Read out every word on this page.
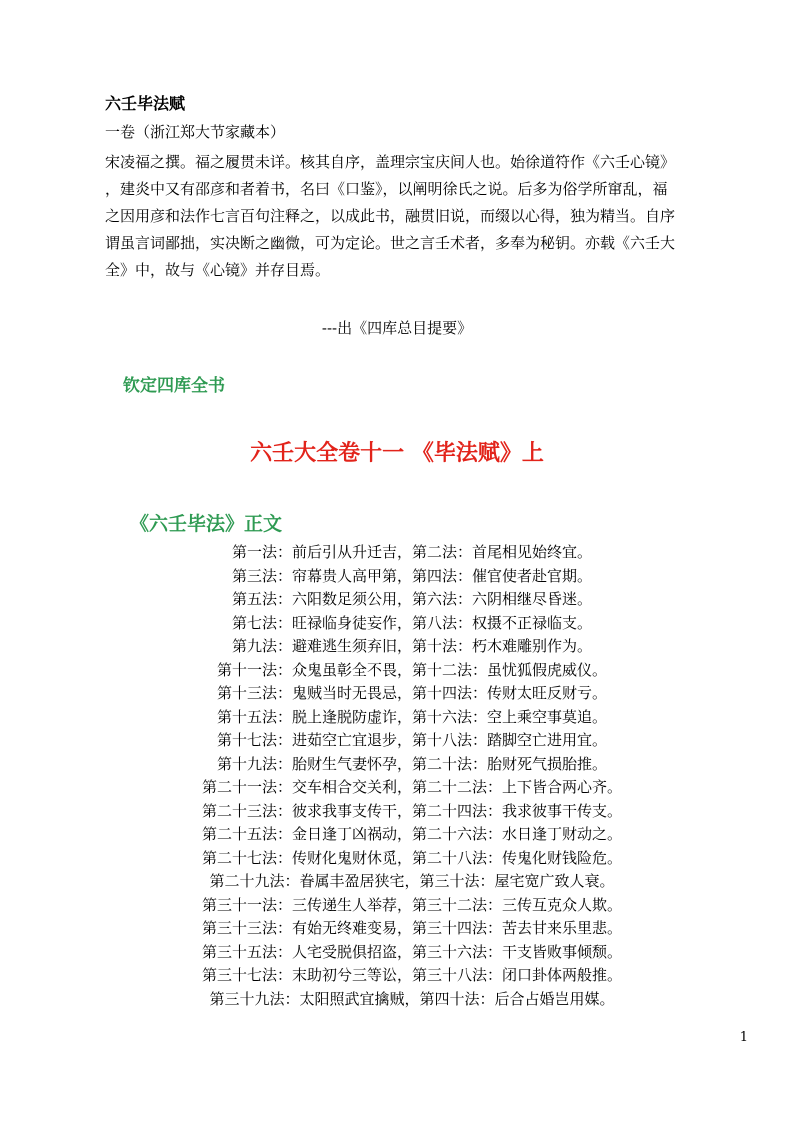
六壬毕法赋
一卷（浙江郑大节家藏本）
宋凌福之撰。福之履贯未详。核其自序，盖理宗宝庆间人也。始徐道符作《六壬心镜》
，建炎中又有邵彦和者着书，名曰《口鉴》，以阐明徐氏之说。后多为俗学所窜乱，福
之因用彦和法作七言百句注释之，以成此书，融贯旧说，而缀以心得，独为精当。自序
谓虽言词鄙拙，实决断之幽微，可为定论。世之言壬术者，多奉为秘钥。亦载《六壬大
全》中，故与《心镜》并存目焉。
---出《四库总目提要》
钦定四库全书
六壬大全卷十一 《毕法赋》上
《六壬毕法》正文
第一法：前后引从升迁吉，第二法：首尾相见始终宜。
第三法：帘幕贵人高甲第，第四法：催官使者赴官期。
第五法：六阳数足须公用，第六法：六阴相继尽昏迷。
第七法：旺禄临身徒妄作，第八法：权摄不正禄临支。
第九法：避难逃生须弃旧，第十法：朽木难雕别作为。
第十一法：众鬼虽彰全不畏，第十二法：虽忧狐假虎威仪。
第十三法：鬼贼当时无畏忌，第十四法：传财太旺反财亏。
第十五法：脱上逢脱防虚诈，第十六法：空上乘空事莫追。
第十七法：进茹空亡宜退步，第十八法：踏脚空亡进用宜。
第十九法：胎财生气妻怀孕，第二十法：胎财死气损胎推。
第二十一法：交车相合交关利，第二十二法：上下皆合两心齐。
第二十三法：彼求我事支传干，第二十四法：我求彼事干传支。
第二十五法：金日逢丁凶祸动，第二十六法：水日逢丁财动之。
第二十七法：传财化鬼财休觅，第二十八法：传鬼化财钱险危。
第二十九法：眷属丰盈居狭宅，第三十法：屋宅宽广致人衰。
第三十一法：三传递生人举荐，第三十二法：三传互克众人欺。
第三十三法：有始无终难变易，第三十四法：苦去甘来乐里悲。
第三十五法：人宅受脱俱招盗，第三十六法：干支皆败事倾颓。
第三十七法：末助初兮三等讼，第三十八法：闭口卦体两般推。
第三十九法：太阳照武宜擒贼，第四十法：后合占婚岂用媒。
1
